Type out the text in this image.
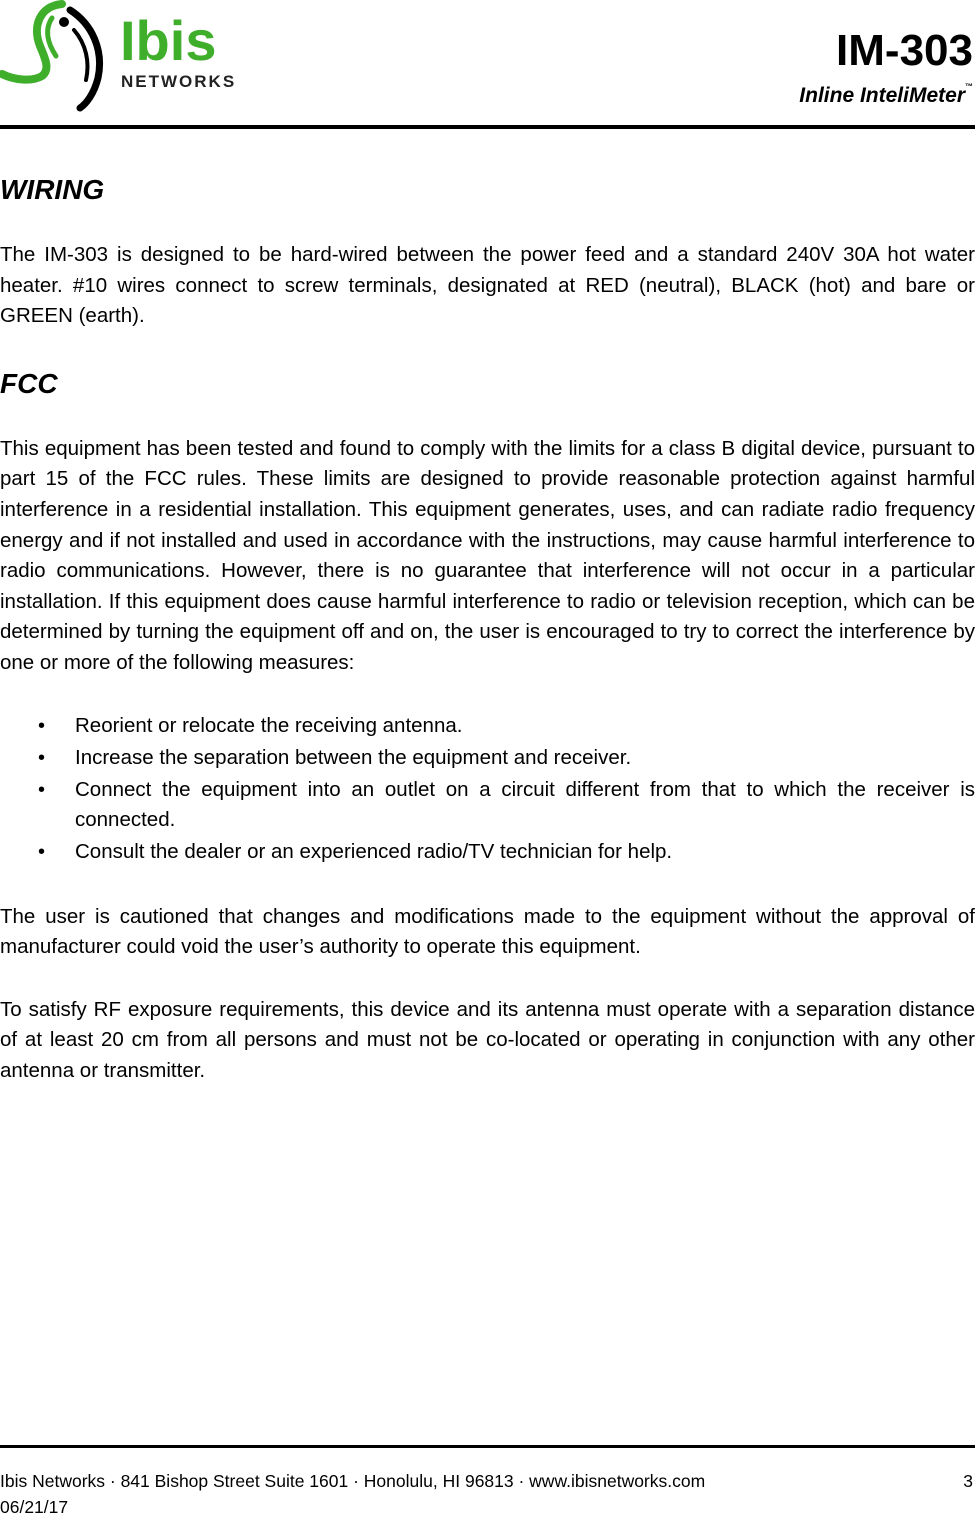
Ibis
NETWORKS
IM-303
Inline InteliMeter ™
WIRING

The IM-303 is designed to be hard-wired between the power feed and a standard 240V 30A hot water heater. #10 wires connect to screw terminals, designated at RED (neutral), BLACK (hot) and bare or GREEN (earth).

FCC

This equipment has been tested and found to comply with the limits for a class B digital device, pursuant to part 15 of the FCC rules. These limits are designed to provide reasonable protection against harmful interference in a residential installation. This equipment generates, uses, and can radiate radio frequency energy and if not installed and used in accordance with the instructions, may cause harmful interference to radio communications. However, there is no guarantee that interference will not occur in a particular installation. If this equipment does cause harmful interference to radio or television reception, which can be determined by turning the equipment off and on, the user is encouraged to try to correct the interference by one or more of the following measures:

• Reorient or relocate the receiving antenna.
• Increase the separation between the equipment and receiver.
• Connect the equipment into an outlet on a circuit different from that to which the receiver is connected.
• Consult the dealer or an experienced radio/TV technician for help.

The user is cautioned that changes and modifications made to the equipment without the approval of manufacturer could void the user’s authority to operate this equipment.

To satisfy RF exposure requirements, this device and its antenna must operate with a separation distance of at least 20 cm from all persons and must not be co-located or operating in conjunction with any other antenna or transmitter.

Ibis Networks · 841 Bishop Street Suite 1601 · Honolulu, HI 96813 · www.ibisnetworks.com
06/21/17
3
